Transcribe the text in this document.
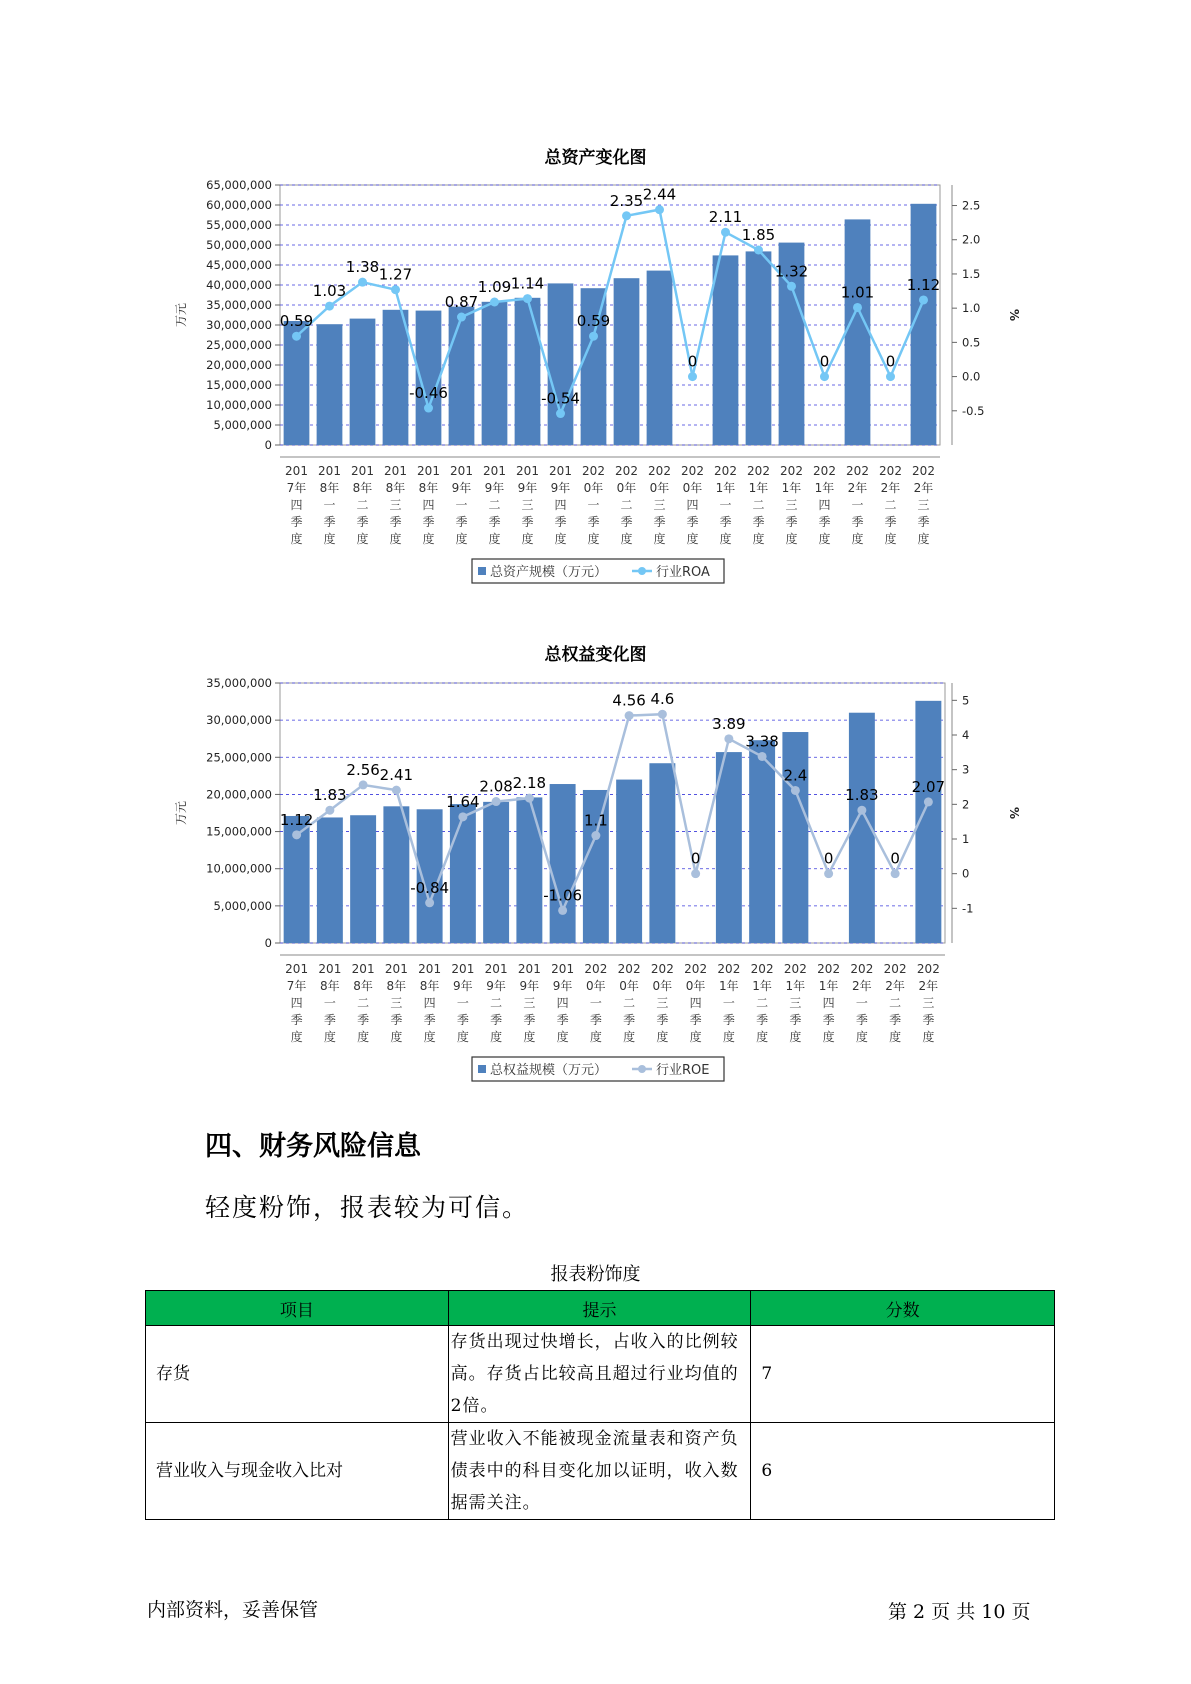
总资产变化图
0
5,000,000
10,000,000
15,000,000
20,000,000
25,000,000
30,000,000
35,000,000
40,000,000
45,000,000
50,000,000
55,000,000
60,000,000
65,000,000
-0.5
0.0
0.5
1.0
1.5
2.0
2.5
万元	%
0.59
1.03
1.38 1.27
-0.46
0.87
1.09 1.14
-0.54
0.59
2.35 2.44
0
2.11
1.85
1.32
0
1.01
0
1.12
201
7年
四
季
度
201
8年
一
季
度
201
8年
二
季
度
201
8年
三
季
度
201
8年
四
季
度
201
9年
一
季
度
201
9年
二
季
度
201
9年
三
季
度
201
9年
四
季
度
202
0年
一
季
度
202
0年
二
季
度
202
0年
三
季
度
202
0年
四
季
度
202
1年
一
季
度
202
1年
二
季
度
202
1年
三
季
度
202
1年
四
季
度
202
2年
一
季
度
202
2年
二
季
度
202
2年
三
季
度
总资产规模（万元）	行业ROA
总权益变化图
0
5,000,000
10,000,000
15,000,000
20,000,000
25,000,000
30,000,000
35,000,000
-1
0
1
2
3
4
5
万元	%
1.12
1.83
2.56 2.41
-0.84
1.64
2.08 2.18
-1.06
1.1
4.56 4.6
0
3.89
3.38
2.4
0
1.83
0
2.07
201
7年
四
季
度
201
8年
一
季
度
201
8年
二
季
度
201
8年
三
季
度
201
8年
四
季
度
201
9年
一
季
度
201
9年
二
季
度
201
9年
三
季
度
201
9年
四
季
度
202
0年
一
季
度
202
0年
二
季
度
202
0年
三
季
度
202
0年
四
季
度
202
1年
一
季
度
202
1年
二
季
度
202
1年
三
季
度
202
1年
四
季
度
202
2年
一
季
度
202
2年
二
季
度
202
2年
三
季
度
总权益规模（万元）	行业ROE
四、财务风险信息
轻度粉饰，报表较为可信。
报表粉饰度
项目	提示	分数
存货	存货出现过快增长，占收入的比例较高。存货占比较高且超过行业均值的2倍。	7
营业收入与现金收入比对	营业收入不能被现金流量表和资产负债表中的科目变化加以证明，收入数据需关注。	6
内部资料，妥善保管	第 2 页 共 10 页
